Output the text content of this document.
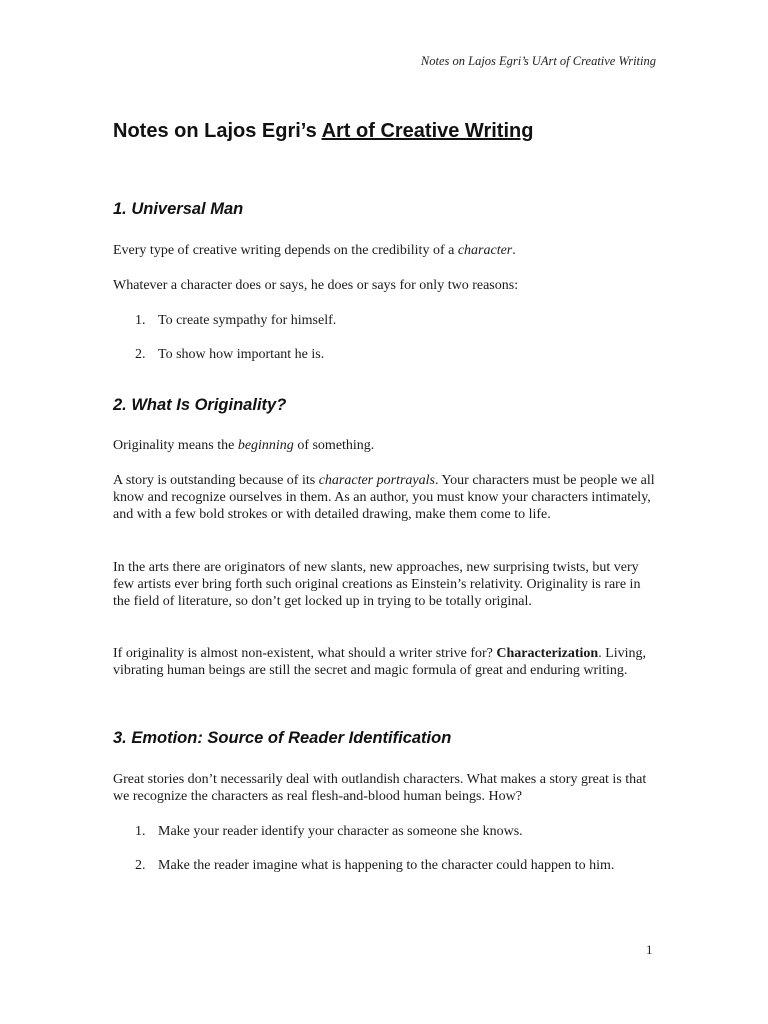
Notes on Lajos Egri’s UArt of Creative Writing
Notes on Lajos Egri’s Art of Creative Writing
1. Universal Man
Every type of creative writing depends on the credibility of a character.
Whatever a character does or says, he does or says for only two reasons:
1. To create sympathy for himself.
2. To show how important he is.
2. What Is Originality?
Originality means the beginning of something.
A story is outstanding because of its character portrayals. Your characters must be people we all know and recognize ourselves in them. As an author, you must know your characters intimately, and with a few bold strokes or with detailed drawing, make them come to life.
In the arts there are originators of new slants, new approaches, new surprising twists, but very few artists ever bring forth such original creations as Einstein’s relativity. Originality is rare in the field of literature, so don’t get locked up in trying to be totally original.
If originality is almost non-existent, what should a writer strive for? Characterization. Living, vibrating human beings are still the secret and magic formula of great and enduring writing.
3. Emotion: Source of Reader Identification
Great stories don’t necessarily deal with outlandish characters. What makes a story great is that we recognize the characters as real flesh-and-blood human beings. How?
1. Make your reader identify your character as someone she knows.
2. Make the reader imagine what is happening to the character could happen to him.
1
